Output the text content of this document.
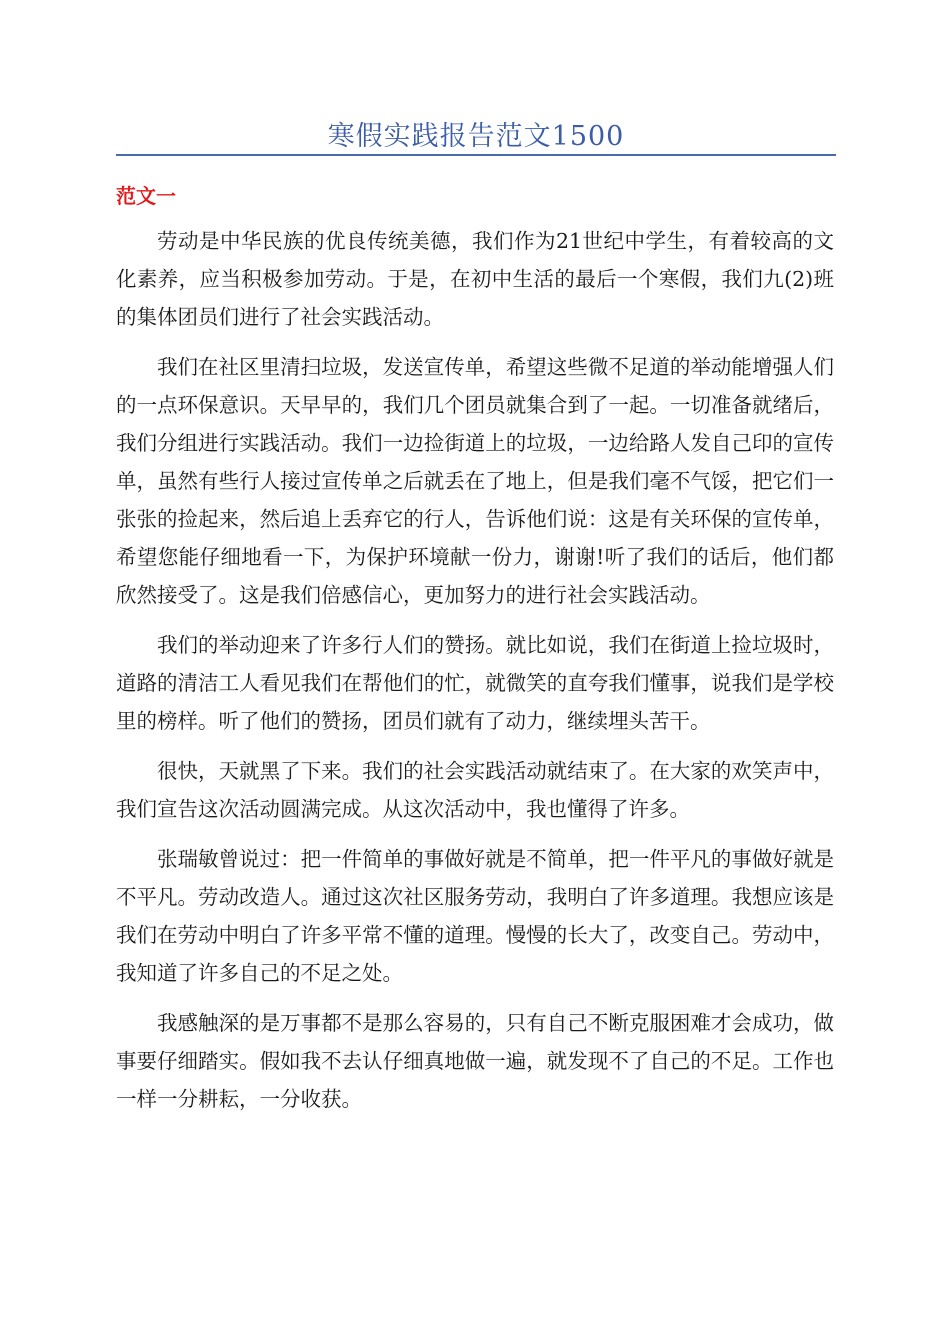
寒假实践报告范文1500
范文一

劳动是中华民族的优良传统美德，我们作为21世纪中学生，有着较高的文化素养，应当积极参加劳动。于是，在初中生活的最后一个寒假，我们九(2)班的集体团员们进行了社会实践活动。

我们在社区里清扫垃圾，发送宣传单，希望这些微不足道的举动能增强人们的一点环保意识。天早早的，我们几个团员就集合到了一起。一切准备就绪后，我们分组进行实践活动。我们一边捡街道上的垃圾，一边给路人发自己印的宣传单，虽然有些行人接过宣传单之后就丢在了地上，但是我们毫不气馁，把它们一张张的捡起来，然后追上丢弃它的行人，告诉他们说：这是有关环保的宣传单，希望您能仔细地看一下，为保护环境献一份力，谢谢!听了我们的话后，他们都欣然接受了。这是我们倍感信心，更加努力的进行社会实践活动。

我们的举动迎来了许多行人们的赞扬。就比如说，我们在街道上捡垃圾时，道路的清洁工人看见我们在帮他们的忙，就微笑的直夸我们懂事，说我们是学校里的榜样。听了他们的赞扬，团员们就有了动力，继续埋头苦干。

很快，天就黑了下来。我们的社会实践活动就结束了。在大家的欢笑声中，我们宣告这次活动圆满完成。从这次活动中，我也懂得了许多。

张瑞敏曾说过：把一件简单的事做好就是不简单，把一件平凡的事做好就是不平凡。劳动改造人。通过这次社区服务劳动，我明白了许多道理。我想应该是我们在劳动中明白了许多平常不懂的道理。慢慢的长大了，改变自己。劳动中，我知道了许多自己的不足之处。

我感触深的是万事都不是那么容易的，只有自己不断克服困难才会成功，做事要仔细踏实。假如我不去认仔细真地做一遍，就发现不了自己的不足。工作也一样一分耕耘，一分收获。
